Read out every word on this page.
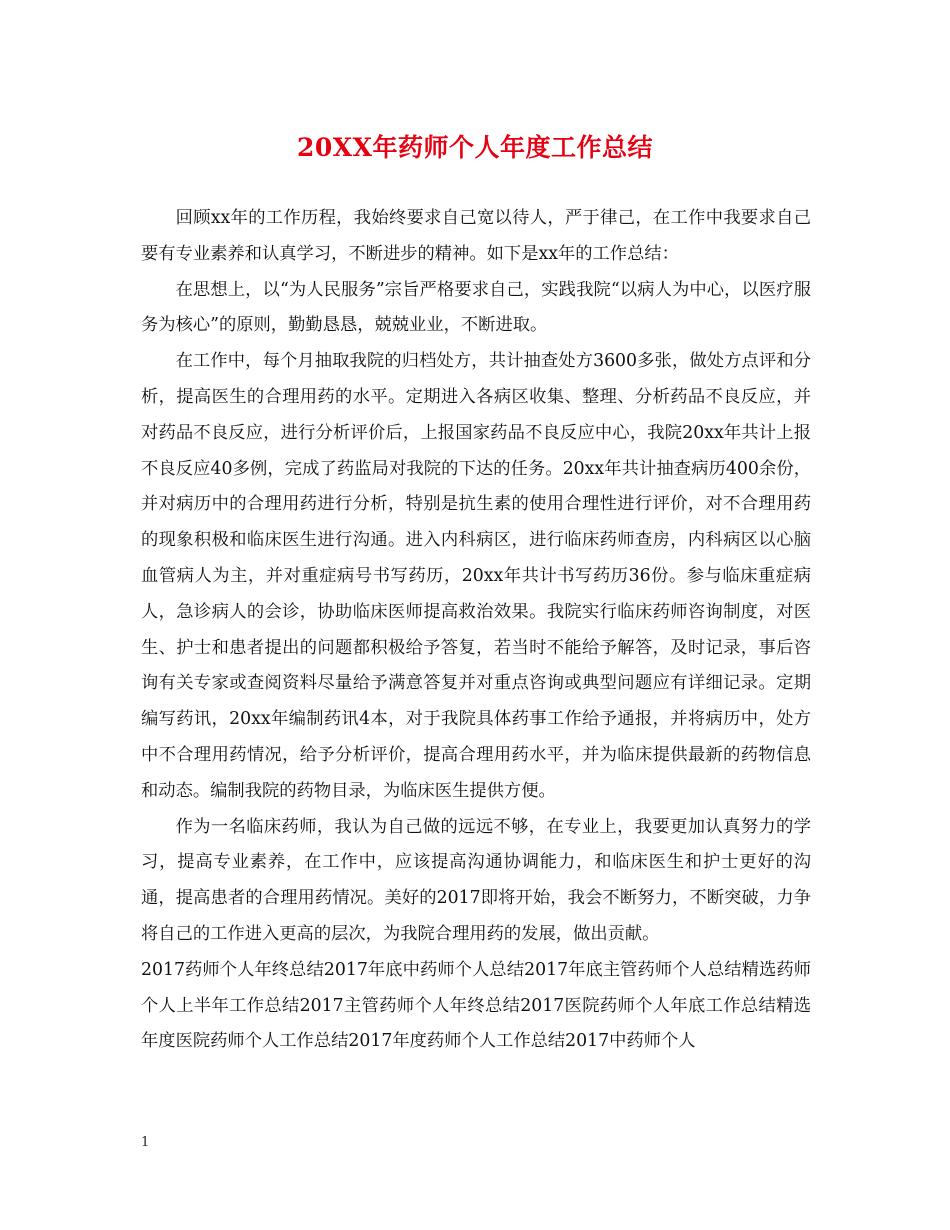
20XX年药师个人年度工作总结

回顾xx年的工作历程，我始终要求自己宽以待人，严于律己，在工作中我要求自己要有专业素养和认真学习，不断进步的精神。如下是xx年的工作总结：

在思想上，以“为人民服务”宗旨严格要求自己，实践我院“以病人为中心，以医疗服务为核心”的原则，勤勤恳恳，兢兢业业，不断进取。

在工作中，每个月抽取我院的归档处方，共计抽查处方3600多张，做处方点评和分析，提高医生的合理用药的水平。定期进入各病区收集、整理、分析药品不良反应，并对药品不良反应，进行分析评价后，上报国家药品不良反应中心，我院20xx年共计上报不良反应40多例，完成了药监局对我院的下达的任务。20xx年共计抽查病历400余份，并对病历中的合理用药进行分析，特别是抗生素的使用合理性进行评价，对不合理用药的现象积极和临床医生进行沟通。进入内科病区，进行临床药师查房，内科病区以心脑血管病人为主，并对重症病号书写药历，20xx年共计书写药历36份。参与临床重症病人，急诊病人的会诊，协助临床医师提高救治效果。我院实行临床药师咨询制度，对医生、护士和患者提出的问题都积极给予答复，若当时不能给予解答，及时记录，事后咨询有关专家或查阅资料尽量给予满意答复并对重点咨询或典型问题应有详细记录。定期编写药讯，20xx年编制药讯4本，对于我院具体药事工作给予通报，并将病历中，处方中不合理用药情况，给予分析评价，提高合理用药水平，并为临床提供最新的药物信息和动态。编制我院的药物目录，为临床医生提供方便。

作为一名临床药师，我认为自己做的远远不够，在专业上，我要更加认真努力的学习，提高专业素养，在工作中，应该提高沟通协调能力，和临床医生和护士更好的沟通，提高患者的合理用药情况。美好的2017即将开始，我会不断努力，不断突破，力争将自己的工作进入更高的层次，为我院合理用药的发展，做出贡献。

2017药师个人年终总结2017年底中药师个人总结2017年底主管药师个人总结精选药师个人上半年工作总结2017主管药师个人年终总结2017医院药师个人年底工作总结精选年度医院药师个人工作总结2017年度药师个人工作总结2017中药师个人

1
